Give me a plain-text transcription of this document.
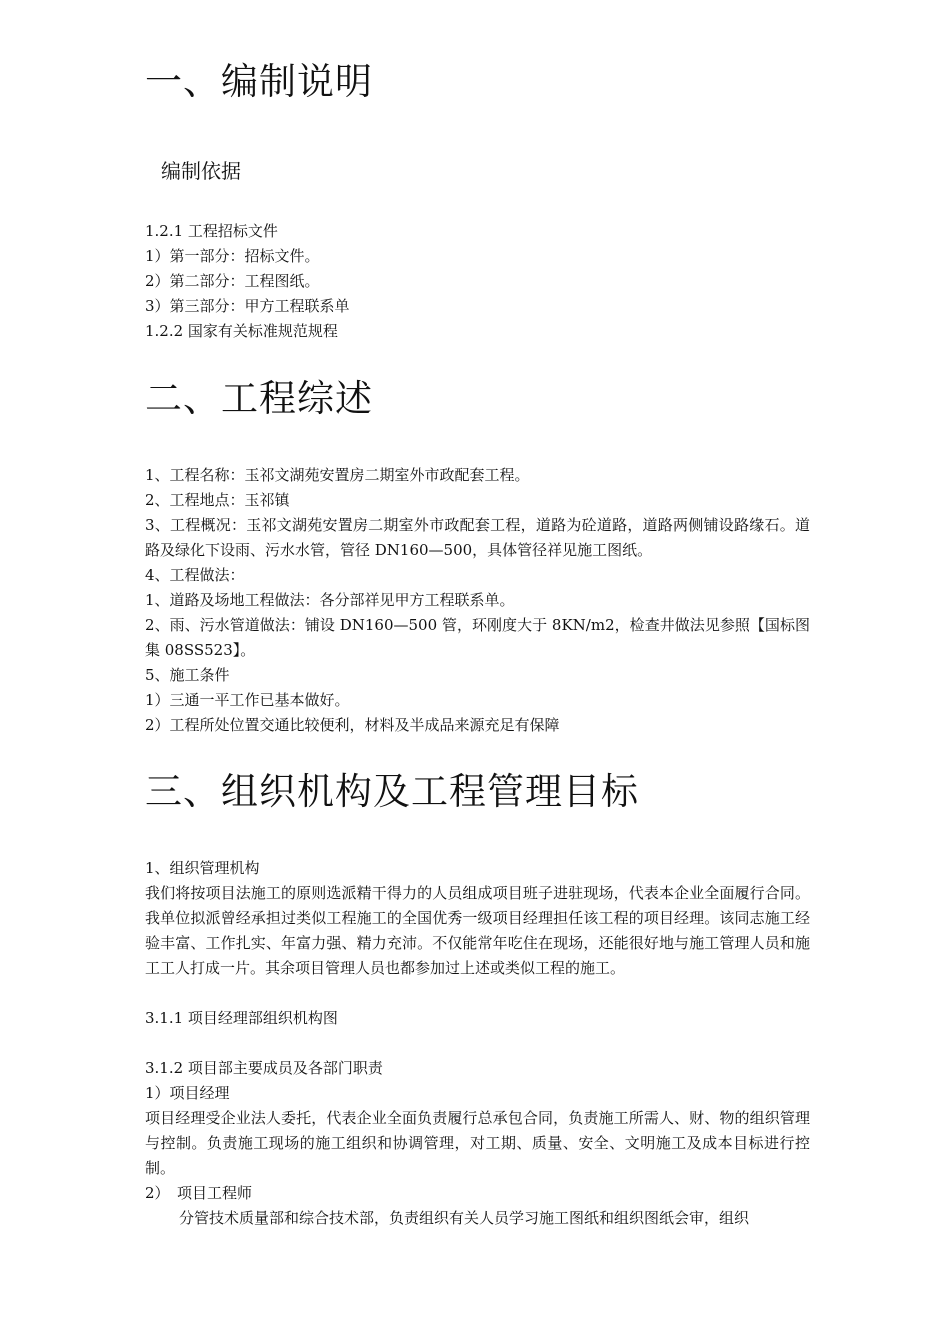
一、编制说明
编制依据
1.2.1 工程招标文件
1）第一部分：招标文件。
2）第二部分：工程图纸。
3）第三部分：甲方工程联系单
1.2.2 国家有关标准规范规程
二、工程综述
1、工程名称：玉祁文湖苑安置房二期室外市政配套工程。
2、工程地点：玉祁镇
3、工程概况：玉祁文湖苑安置房二期室外市政配套工程，道路为砼道路，道路两侧铺设路缘石。道路及绿化下设雨、污水水管，管径 DN160—500，具体管径祥见施工图纸。
4、工程做法：
1、道路及场地工程做法：各分部祥见甲方工程联系单。
2、雨、污水管道做法：铺设 DN160—500 管，环刚度大于 8KN/m2，检查井做法见参照【国标图集 08SS523】。
5、施工条件
1）三通一平工作已基本做好。
2）工程所处位置交通比较便利，材料及半成品来源充足有保障
三、组织机构及工程管理目标
1、组织管理机构
我们将按项目法施工的原则选派精干得力的人员组成项目班子进驻现场，代表本企业全面履行合同。我单位拟派曾经承担过类似工程施工的全国优秀一级项目经理担任该工程的项目经理。该同志施工经验丰富、工作扎实、年富力强、精力充沛。不仅能常年吃住在现场，还能很好地与施工管理人员和施工工人打成一片。其余项目管理人员也都参加过上述或类似工程的施工。
3.1.1 项目经理部组织机构图
3.1.2 项目部主要成员及各部门职责
1）项目经理
项目经理受企业法人委托，代表企业全面负责履行总承包合同，负责施工所需人、财、物的组织管理与控制。负责施工现场的施工组织和协调管理，对工期、质量、安全、文明施工及成本目标进行控制。
2）　项目工程师
分管技术质量部和综合技术部，负责组织有关人员学习施工图纸和组织图纸会审，组织
